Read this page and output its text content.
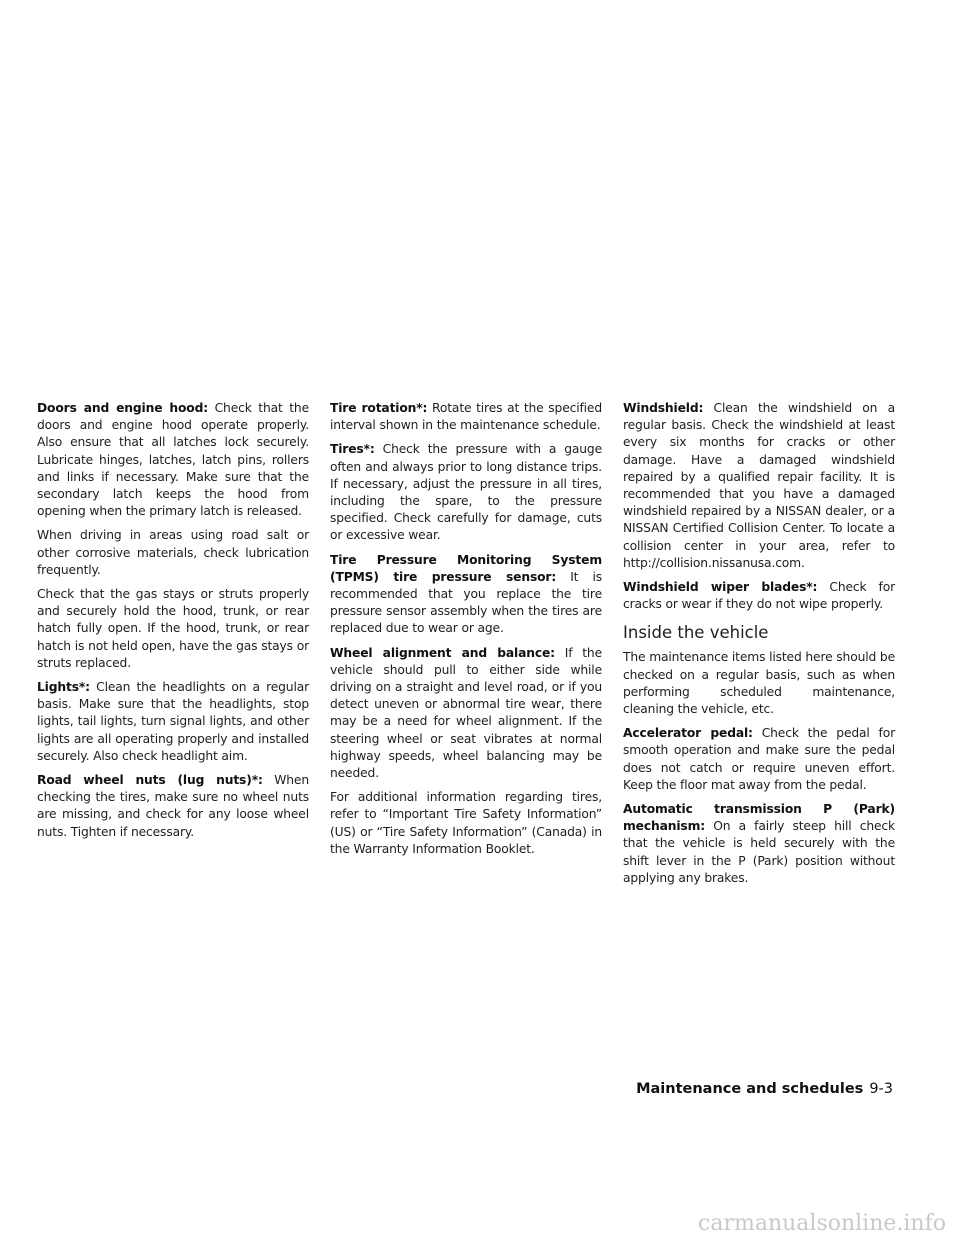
Doors and engine hood: Check that the doors and engine hood operate properly. Also ensure that all latches lock securely. Lubricate hinges, latches, latch pins, rollers and links if necessary. Make sure that the secondary latch keeps the hood from opening when the primary latch is released.

When driving in areas using road salt or other corrosive materials, check lubrication frequently.

Check that the gas stays or struts properly and securely hold the hood, trunk, or rear hatch fully open. If the hood, trunk, or rear hatch is not held open, have the gas stays or struts replaced.

Lights*: Clean the headlights on a regular basis. Make sure that the headlights, stop lights, tail lights, turn signal lights, and other lights are all operating properly and installed securely. Also check headlight aim.

Road wheel nuts (lug nuts)*: When checking the tires, make sure no wheel nuts are missing, and check for any loose wheel nuts. Tighten if necessary.

Tire rotation*: Rotate tires at the specified interval shown in the maintenance schedule.

Tires*: Check the pressure with a gauge often and always prior to long distance trips. If necessary, adjust the pressure in all tires, including the spare, to the pressure specified. Check carefully for damage, cuts or excessive wear.

Tire Pressure Monitoring System (TPMS) tire pressure sensor: It is recommended that you replace the tire pressure sensor assembly when the tires are replaced due to wear or age.

Wheel alignment and balance: If the vehicle should pull to either side while driving on a straight and level road, or if you detect uneven or abnormal tire wear, there may be a need for wheel alignment. If the steering wheel or seat vibrates at normal highway speeds, wheel balancing may be needed.

For additional information regarding tires, refer to “Important Tire Safety Information” (US) or “Tire Safety Information” (Canada) in the Warranty Information Booklet.

Windshield: Clean the windshield on a regular basis. Check the windshield at least every six months for cracks or other damage. Have a damaged windshield repaired by a qualified repair facility. It is recommended that you have a damaged windshield repaired by a NISSAN dealer, or a NISSAN Certified Collision Center. To locate a collision center in your area, refer to http://collision.nissanusa.com.

Windshield wiper blades*: Check for cracks or wear if they do not wipe properly.

Inside the vehicle

The maintenance items listed here should be checked on a regular basis, such as when performing scheduled maintenance, cleaning the vehicle, etc.

Accelerator pedal: Check the pedal for smooth operation and make sure the pedal does not catch or require uneven effort. Keep the floor mat away from the pedal.

Automatic transmission P (Park) mechanism: On a fairly steep hill check that the vehicle is held securely with the shift lever in the P (Park) position without applying any brakes.

Maintenance and schedules 9-3
carmanualsonline.info
